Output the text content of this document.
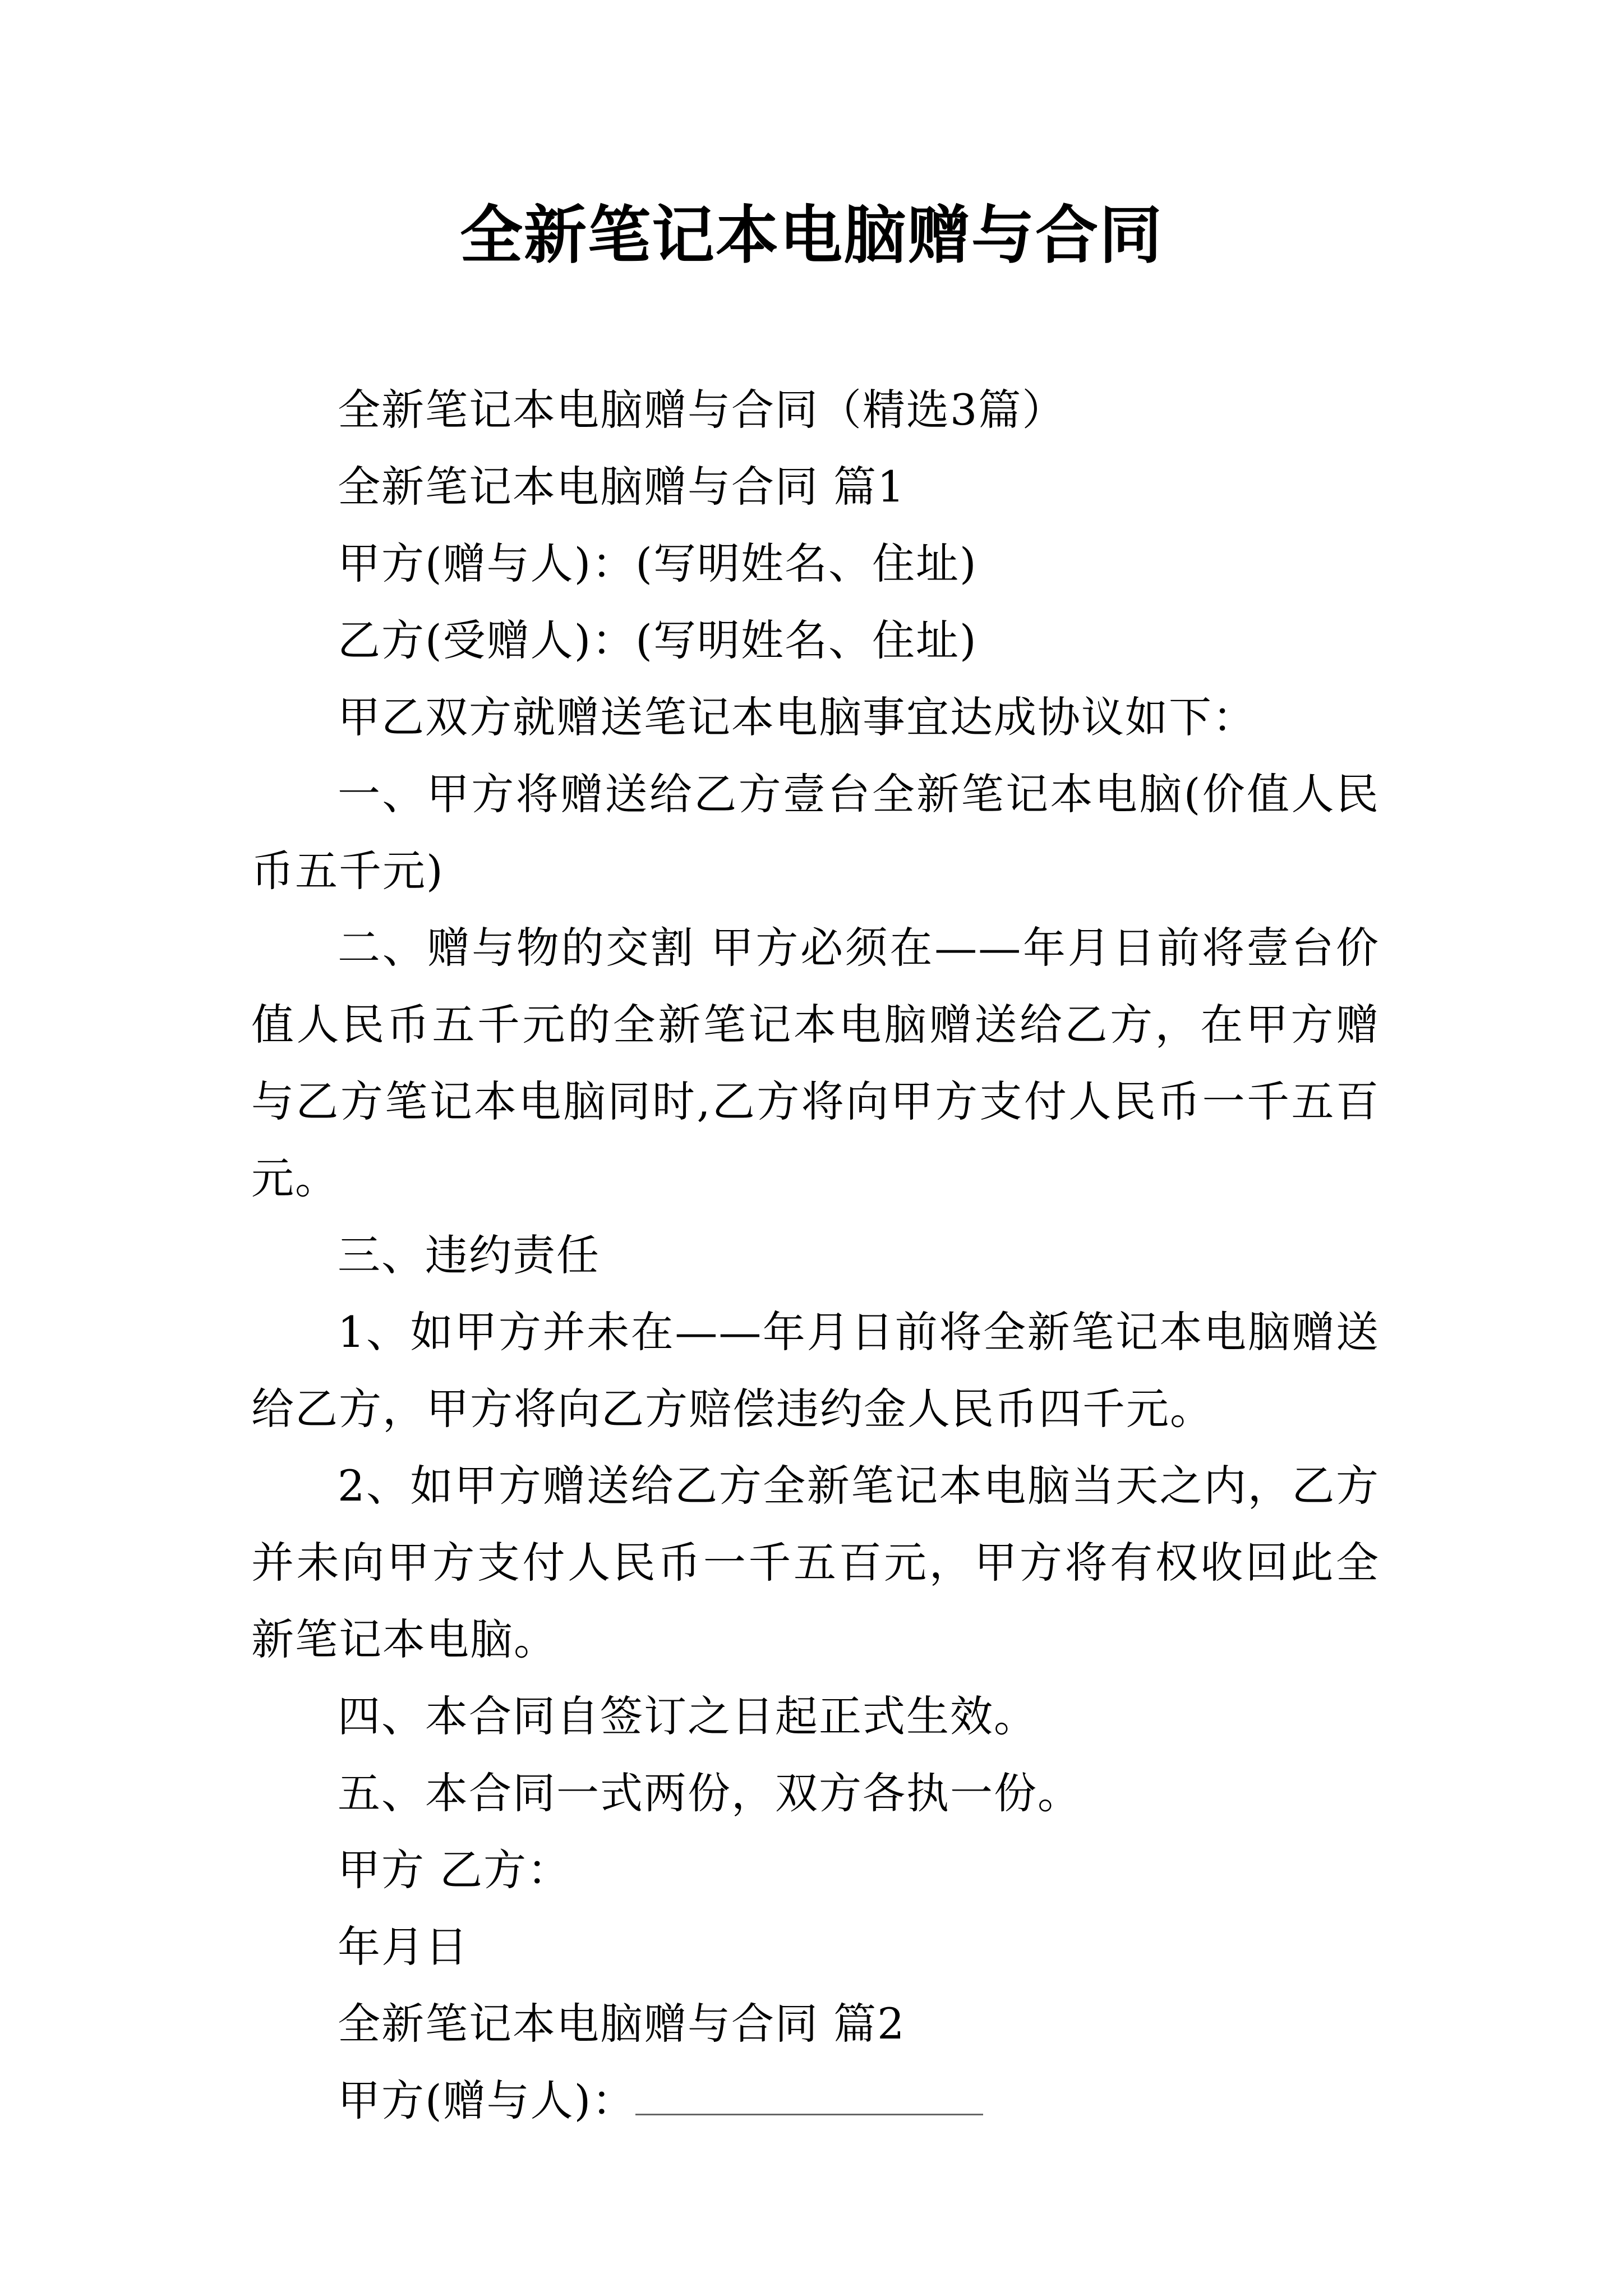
全新笔记本电脑赠与合同

全新笔记本电脑赠与合同（精选3篇）

全新笔记本电脑赠与合同 篇1

甲方(赠与人)：(写明姓名、住址)

乙方(受赠人)：(写明姓名、住址)

甲乙双方就赠送笔记本电脑事宜达成协议如下：

一、甲方将赠送给乙方壹台全新笔记本电脑(价值人民币五千元)

二、赠与物的交割 甲方必须在——年月日前将壹台价值人民币五千元的全新笔记本电脑赠送给乙方，在甲方赠与乙方笔记本电脑同时,乙方将向甲方支付人民币一千五百元。

三、违约责任

1、如甲方并未在——年月日前将全新笔记本电脑赠送给乙方，甲方将向乙方赔偿违约金人民币四千元。

2、如甲方赠送给乙方全新笔记本电脑当天之内，乙方并未向甲方支付人民币一千五百元，甲方将有权收回此全新笔记本电脑。

四、本合同自签订之日起正式生效。

五、本合同一式两份，双方各执一份。

甲方 乙方：

年月日

全新笔记本电脑赠与合同 篇2

甲方(赠与人)：
